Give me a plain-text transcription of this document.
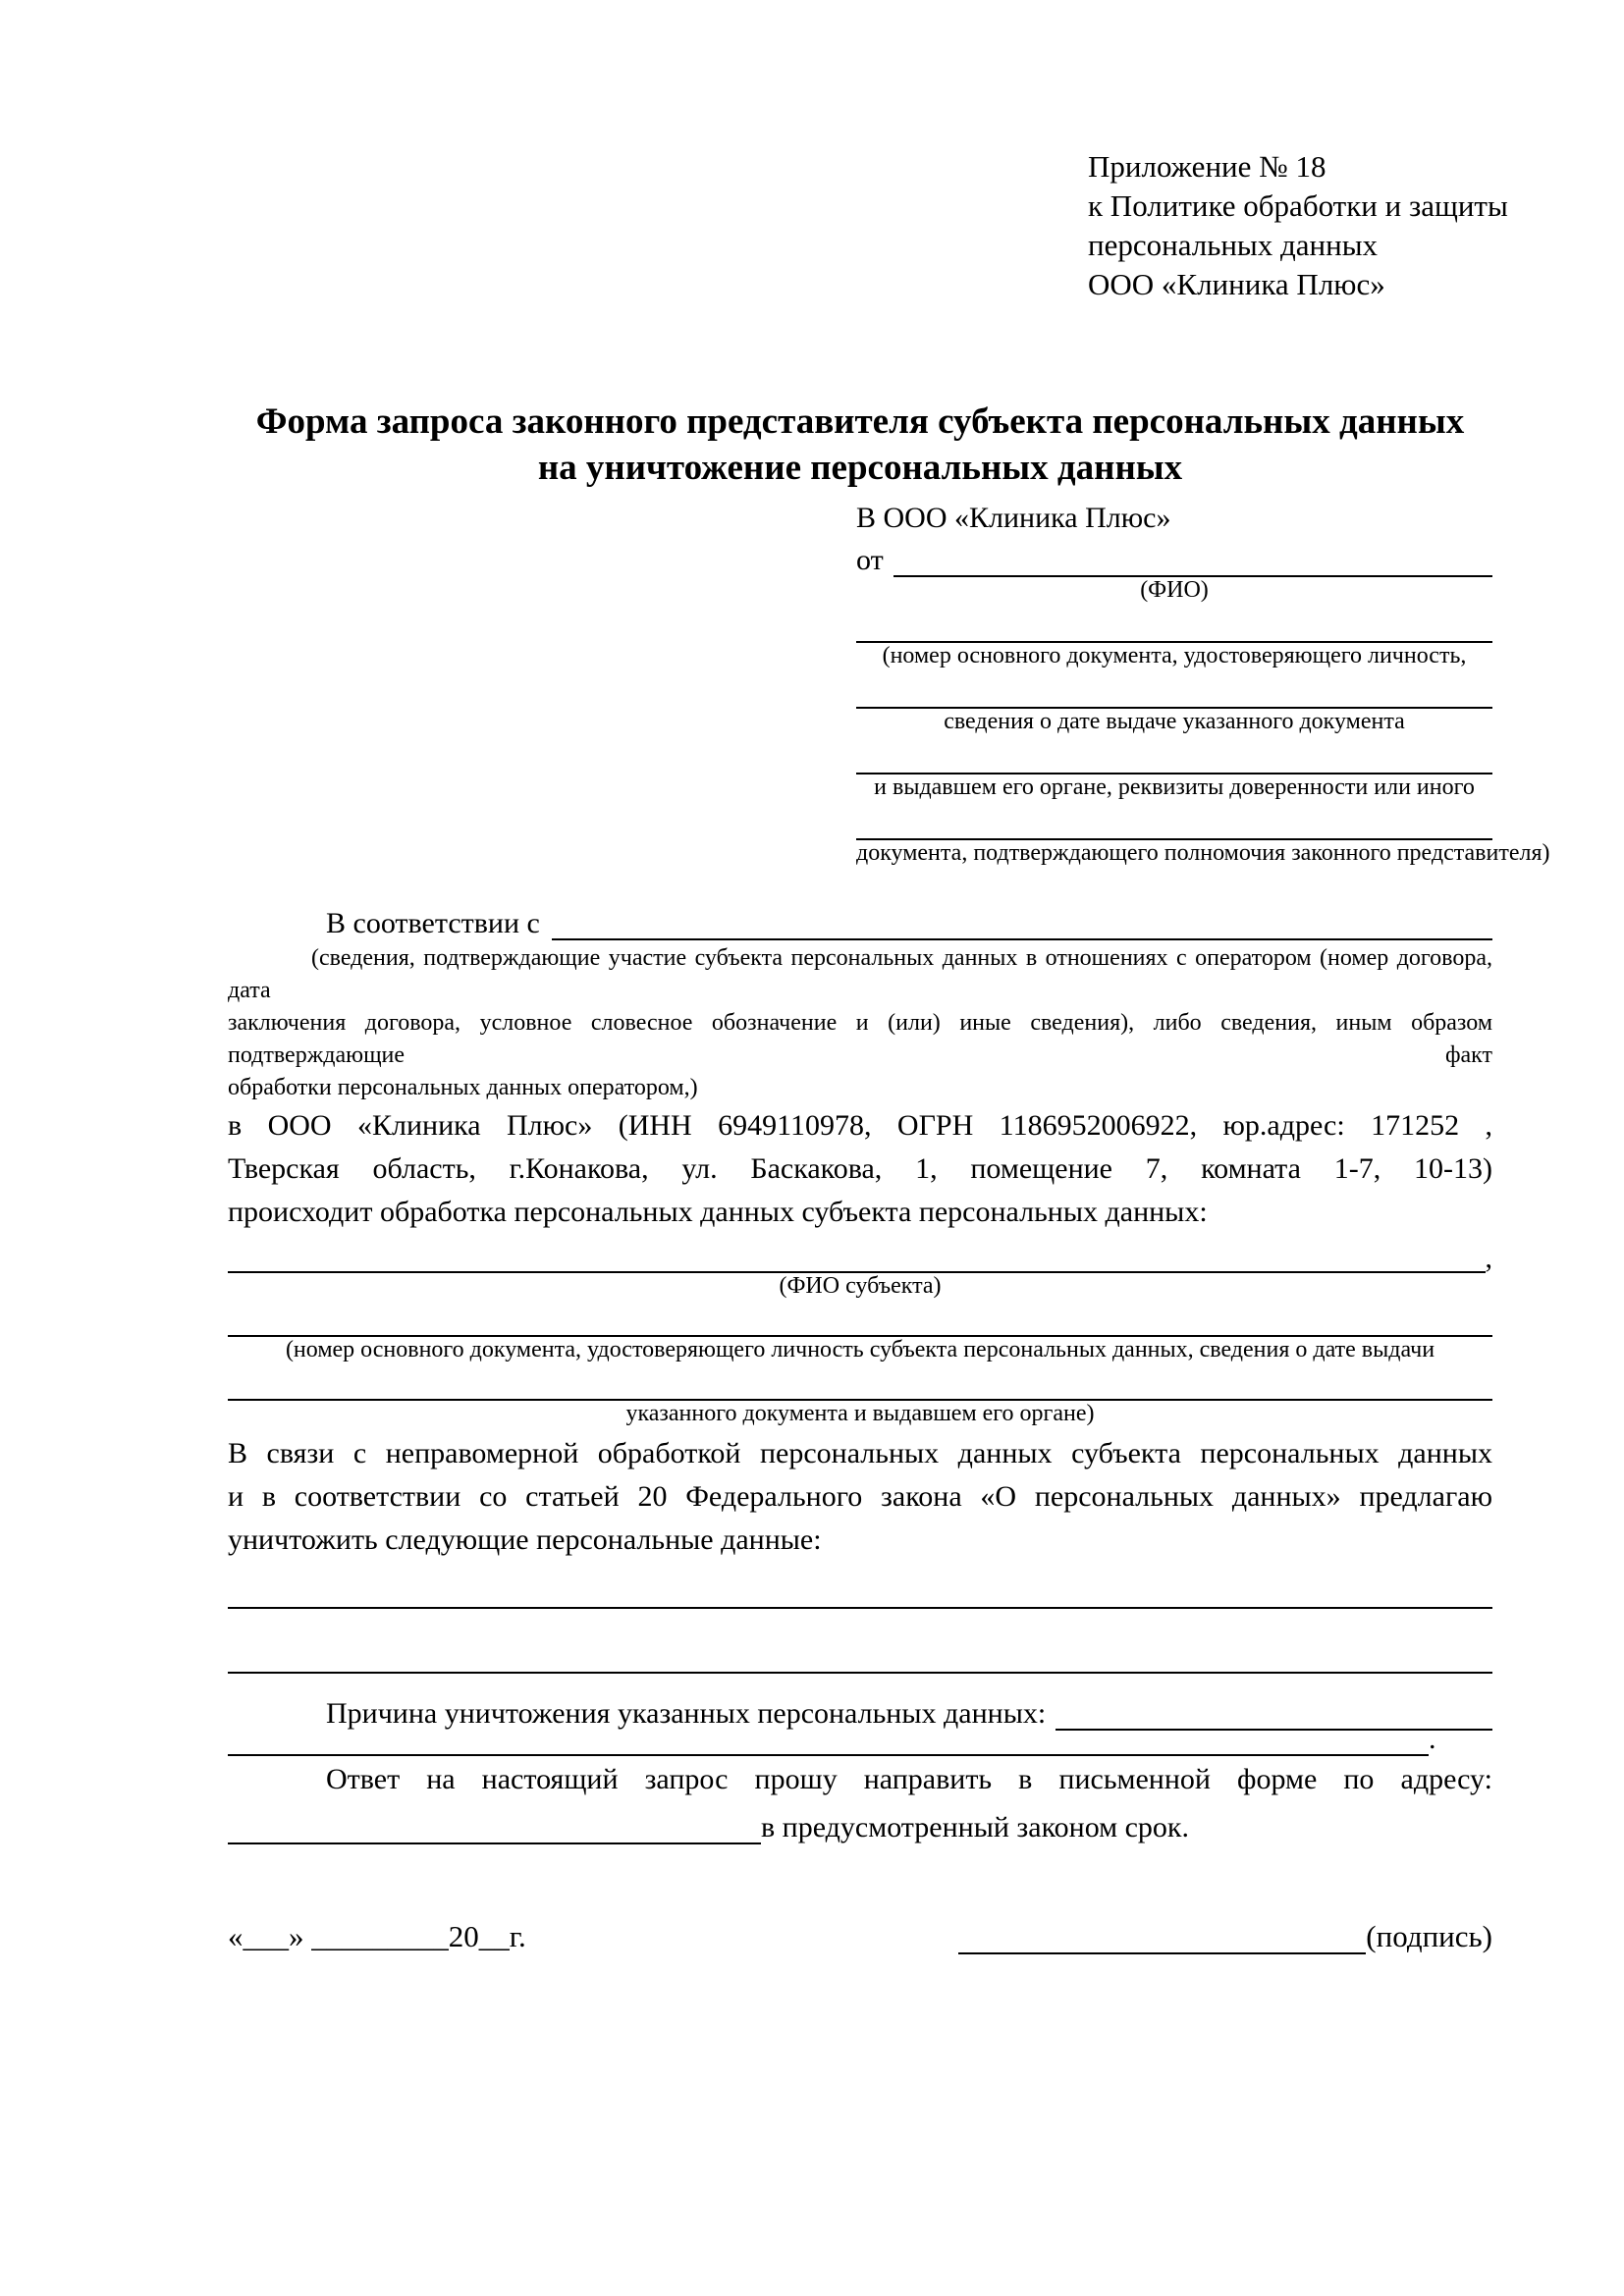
Приложение № 18
к Политике обработки и защиты
персональных данных
ООО «Клиника Плюс»
Форма запроса законного представителя субъекта персональных данных
на уничтожение персональных данных
В ООО «Клиника Плюс»
от
(ФИО)
(номер основного документа, удостоверяющего личность,
сведения о дате выдаче указанного документа
и выдавшем его органе, реквизиты доверенности или иного
документа, подтверждающего полномочия законного представителя)
В соответствии с
(сведения, подтверждающие участие субъекта персональных данных в отношениях с оператором (номер договора, дата
заключения договора, условное словесное обозначение и (или) иные сведения), либо сведения, иным образом подтверждающие факт
обработки персональных данных оператором,)
в ООО «Клиника Плюс» (ИНН 6949110978, ОГРН 1186952006922, юр.адрес: 171252 ,
Тверская область, г.Конакова, ул. Баскакова, 1, помещение 7, комната 1-7, 10-13)
происходит обработка персональных данных субъекта персональных данных:
,
(ФИО субъекта)
(номер основного документа, удостоверяющего личность субъекта персональных данных, сведения о дате выдачи
указанного документа и выдавшем его органе)
В связи с неправомерной обработкой персональных данных субъекта персональных данных
и в соответствии со статьей 20 Федерального закона «О персональных данных» предлагаю
уничтожить следующие персональные данные:
Причина уничтожения указанных персональных данных:
.
Ответ на настоящий запрос прошу направить в письменной форме по адресу:
в предусмотренный законом срок.
«___» _________20__г.	(подпись)
